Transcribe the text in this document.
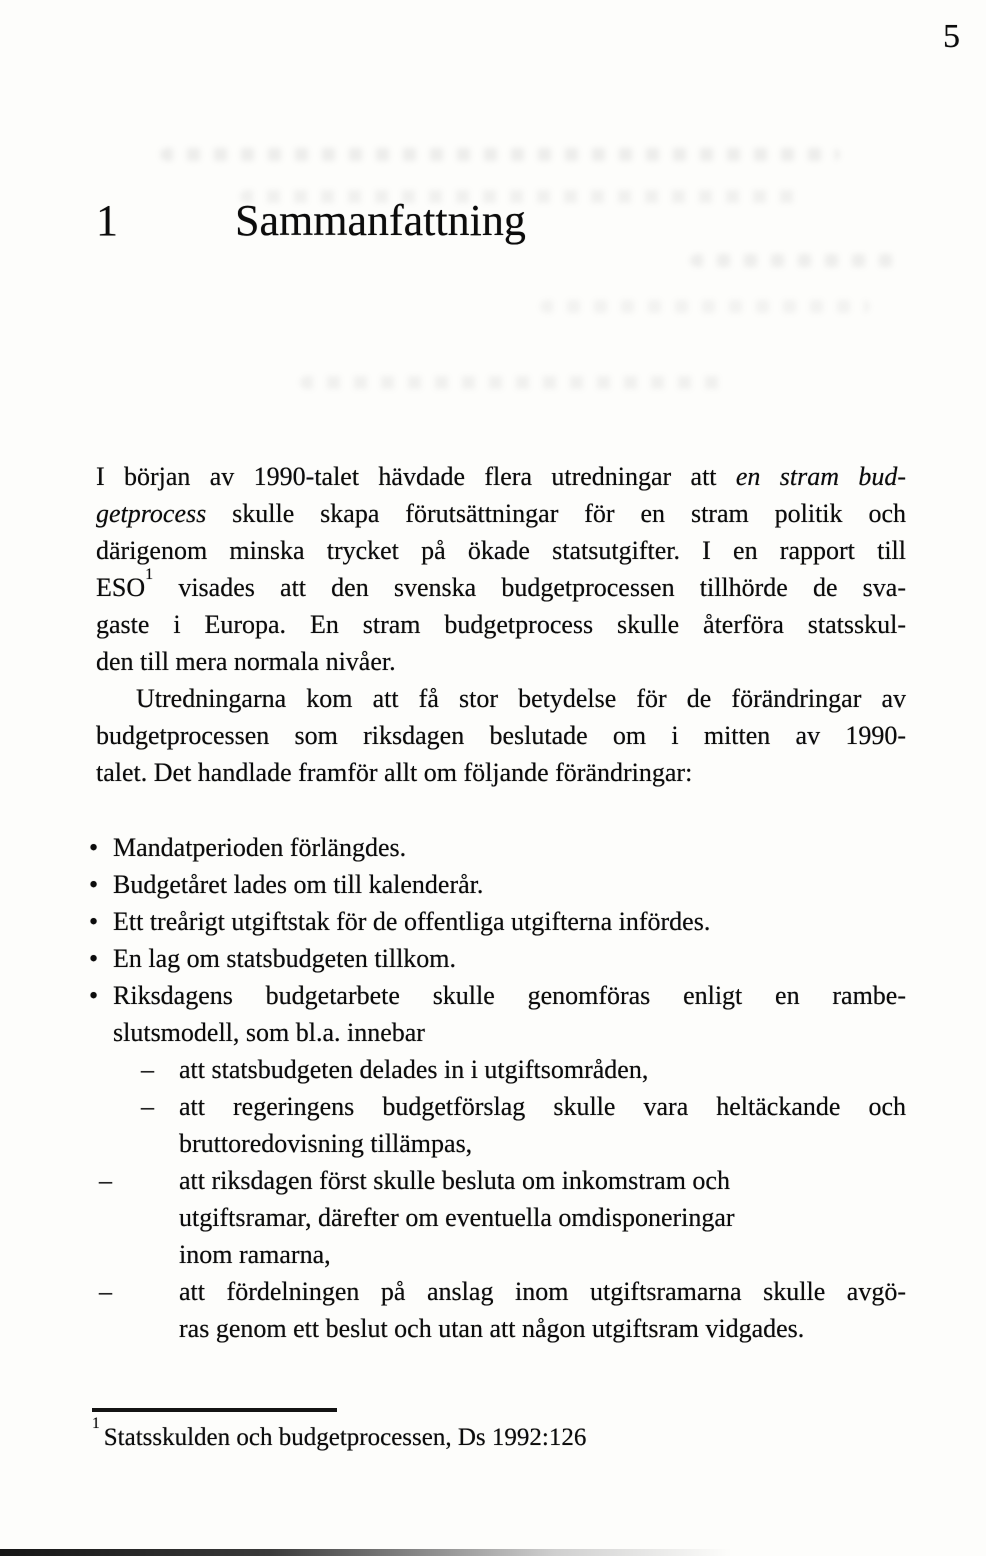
5
1	Sammanfattning
I början av 1990-talet hävdade flera utredningar att en stram bud-
getprocess skulle skapa förutsättningar för en stram politik och
därigenom minska trycket på ökade statsutgifter. I en rapport till
ESO$^1$ visades att den svenska budgetprocessen tillhörde de sva-
gaste i Europa. En stram budgetprocess skulle återföra statsskul-
den till mera normala nivåer.
Utredningarna kom att få stor betydelse för de förändringar av
budgetprocessen som riksdagen beslutade om i mitten av 1990-
talet. Det handlade framför allt om följande förändringar:
• Mandatperioden förlängdes.
• Budgetåret lades om till kalenderår.
• Ett treårigt utgiftstak för de offentliga utgifterna infördes.
• En lag om statsbudgeten tillkom.
• Riksdagens budgetarbete skulle genomföras enligt en rambe-
slutsmodell, som bl.a. innebar
– att statsbudgeten delades in i utgiftsområden,
– att regeringens budgetförslag skulle vara heltäckande och
bruttoredovisning tillämpas,
–	att riksdagen först skulle besluta om inkomstram och
utgiftsramar, därefter om eventuella omdisponeringar
inom ramarna,
–	att fördelningen på anslag inom utgiftsramarna skulle avgö-
ras genom ett beslut och utan att någon utgiftsram vidgades.
$^1$Statsskulden och budgetprocessen, Ds 1992:126
